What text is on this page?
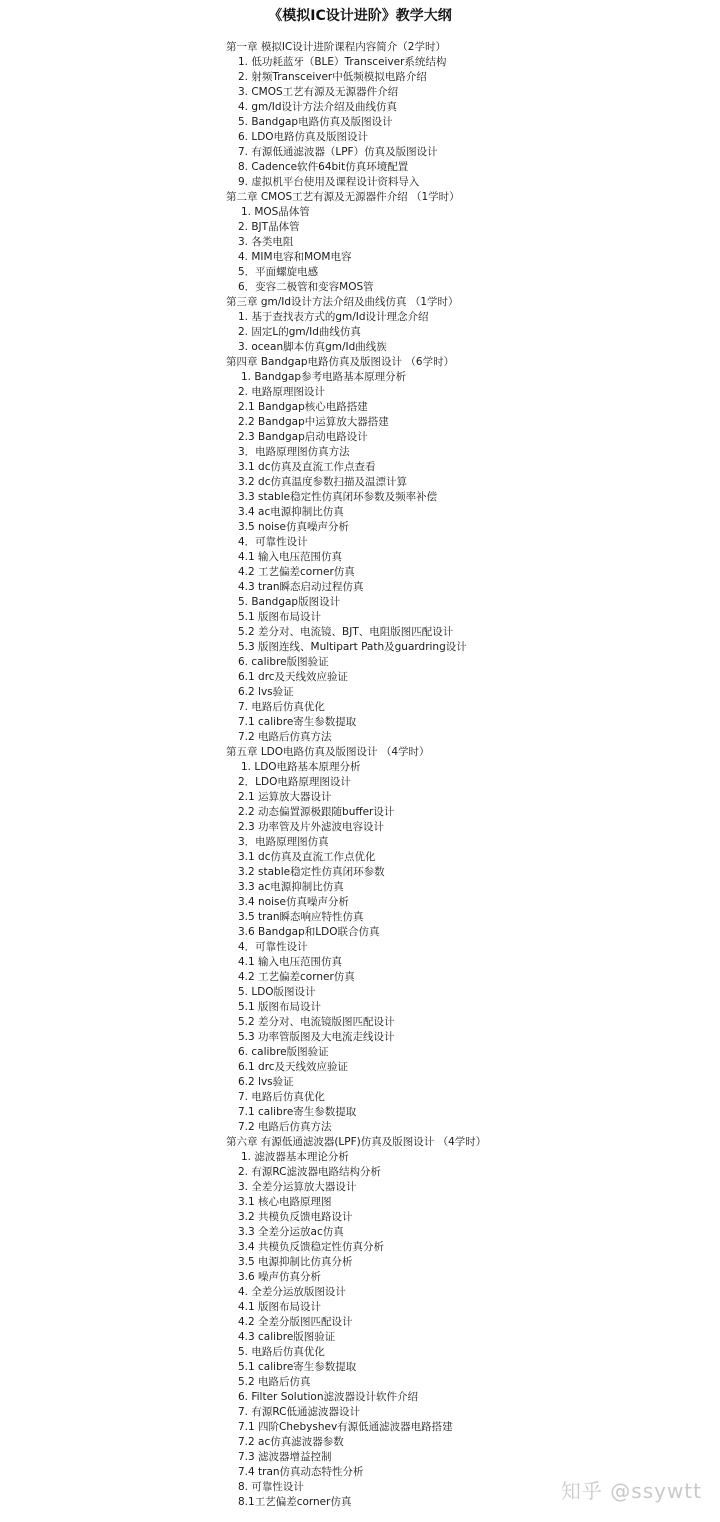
《模拟IC设计进阶》教学大纲
第一章 模拟IC设计进阶课程内容简介（2学时）
1. 低功耗蓝牙（BLE）Transceiver系统结构
2. 射频Transceiver中低频模拟电路介绍
3. CMOS工艺有源及无源器件介绍
4. gm/Id设计方法介绍及曲线仿真
5. Bandgap电路仿真及版图设计
6. LDO电路仿真及版图设计
7. 有源低通滤波器（LPF）仿真及版图设计
8. Cadence软件64bit仿真环境配置
9. 虚拟机平台使用及课程设计资料导入
第二章 CMOS工艺有源及无源器件介绍 （1学时）
1. MOS晶体管
2. BJT晶体管
3. 各类电阻
4. MIM电容和MOM电容
5．平面螺旋电感
6．变容二极管和变容MOS管
第三章 gm/Id设计方法介绍及曲线仿真 （1学时）
1. 基于查找表方式的gm/Id设计理念介绍
2. 固定L的gm/Id曲线仿真
3. ocean脚本仿真gm/Id曲线族
第四章 Bandgap电路仿真及版图设计 （6学时）
1. Bandgap参考电路基本原理分析
2. 电路原理图设计
2.1 Bandgap核心电路搭建
2.2 Bandgap中运算放大器搭建
2.3 Bandgap启动电路设计
3．电路原理图仿真方法
3.1 dc仿真及直流工作点查看
3.2 dc仿真温度参数扫描及温漂计算
3.3 stable稳定性仿真闭环参数及频率补偿
3.4 ac电源抑制比仿真
3.5 noise仿真噪声分析
4．可靠性设计
4.1 输入电压范围仿真
4.2 工艺偏差corner仿真
4.3 tran瞬态启动过程仿真
5. Bandgap版图设计
5.1 版图布局设计
5.2 差分对、电流镜、BJT、电阻版图匹配设计
5.3 版图连线、Multipart Path及guardring设计
6. calibre版图验证
6.1 drc及天线效应验证
6.2 lvs验证
7. 电路后仿真优化
7.1 calibre寄生参数提取
7.2 电路后仿真方法
第五章 LDO电路仿真及版图设计 （4学时）
1. LDO电路基本原理分析
2．LDO电路原理图设计
2.1 运算放大器设计
2.2 动态偏置源极跟随buffer设计
2.3 功率管及片外滤波电容设计
3．电路原理图仿真
3.1 dc仿真及直流工作点优化
3.2 stable稳定性仿真闭环参数
3.3 ac电源抑制比仿真
3.4 noise仿真噪声分析
3.5 tran瞬态响应特性仿真
3.6 Bandgap和LDO联合仿真
4．可靠性设计
4.1 输入电压范围仿真
4.2 工艺偏差corner仿真
5. LDO版图设计
5.1 版图布局设计
5.2 差分对、电流镜版图匹配设计
5.3 功率管版图及大电流走线设计
6. calibre版图验证
6.1 drc及天线效应验证
6.2 lvs验证
7. 电路后仿真优化
7.1 calibre寄生参数提取
7.2 电路后仿真方法
第六章 有源低通滤波器(LPF)仿真及版图设计 （4学时）
1. 滤波器基本理论分析
2. 有源RC滤波器电路结构分析
3. 全差分运算放大器设计
3.1 核心电路原理图
3.2 共模负反馈电路设计
3.3 全差分运放ac仿真
3.4 共模负反馈稳定性仿真分析
3.5 电源抑制比仿真分析
3.6 噪声仿真分析
4. 全差分运放版图设计
4.1 版图布局设计
4.2 全差分版图匹配设计
4.3 calibre版图验证
5. 电路后仿真优化
5.1 calibre寄生参数提取
5.2 电路后仿真
6. Filter Solution滤波器设计软件介绍
7. 有源RC低通滤波器设计
7.1 四阶Chebyshev有源低通滤波器电路搭建
7.2 ac仿真滤波器参数
7.3 滤波器增益控制
7.4 tran仿真动态特性分析
8. 可靠性设计
8.1工艺偏差corner仿真	知乎 @ssywtt
